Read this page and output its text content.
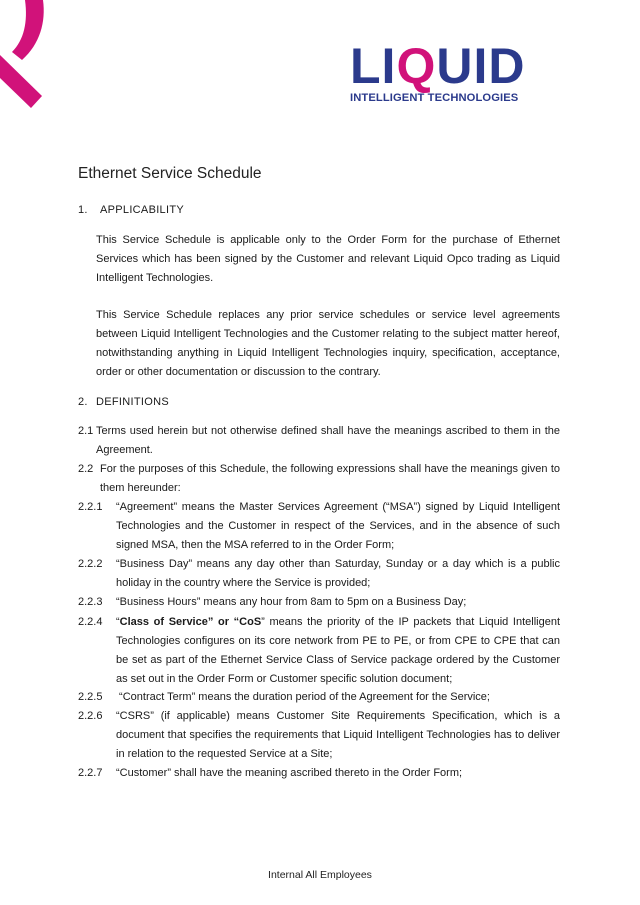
LIQUID
INTELLIGENT TECHNOLOGIES
Ethernet Service Schedule
1. APPLICABILITY
This Service Schedule is applicable only to the Order Form for the purchase of Ethernet Services which has been signed by the Customer and relevant Liquid Opco trading as Liquid Intelligent Technologies.
This Service Schedule replaces any prior service schedules or service level agreements between Liquid Intelligent Technologies and the Customer relating to the subject matter hereof, notwithstanding anything in Liquid Intelligent Technologies inquiry, specification, acceptance, order or other documentation or discussion to the contrary.
2. DEFINITIONS
2.1 Terms used herein but not otherwise defined shall have the meanings ascribed to them in the Agreement.
2.2 For the purposes of this Schedule, the following expressions shall have the meanings given to them hereunder:
2.2.1 “Agreement” means the Master Services Agreement (“MSA”) signed by Liquid Intelligent Technologies and the Customer in respect of the Services, and in the absence of such signed MSA, then the MSA referred to in the Order Form;
2.2.2 “Business Day” means any day other than Saturday, Sunday or a day which is a public holiday in the country where the Service is provided;
2.2.3 “Business Hours” means any hour from 8am to 5pm on a Business Day;
2.2.4 “Class of Service” or “CoS” means the priority of the IP packets that Liquid Intelligent Technologies configures on its core network from PE to PE, or from CPE to CPE that can be set as part of the Ethernet Service Class of Service package ordered by the Customer as set out in the Order Form or Customer specific solution document;
2.2.5 “Contract Term” means the duration period of the Agreement for the Service;
2.2.6 “CSRS” (if applicable) means Customer Site Requirements Specification, which is a document that specifies the requirements that Liquid Intelligent Technologies has to deliver in relation to the requested Service at a Site;
2.2.7 “Customer” shall have the meaning ascribed thereto in the Order Form;
Internal All Employees
